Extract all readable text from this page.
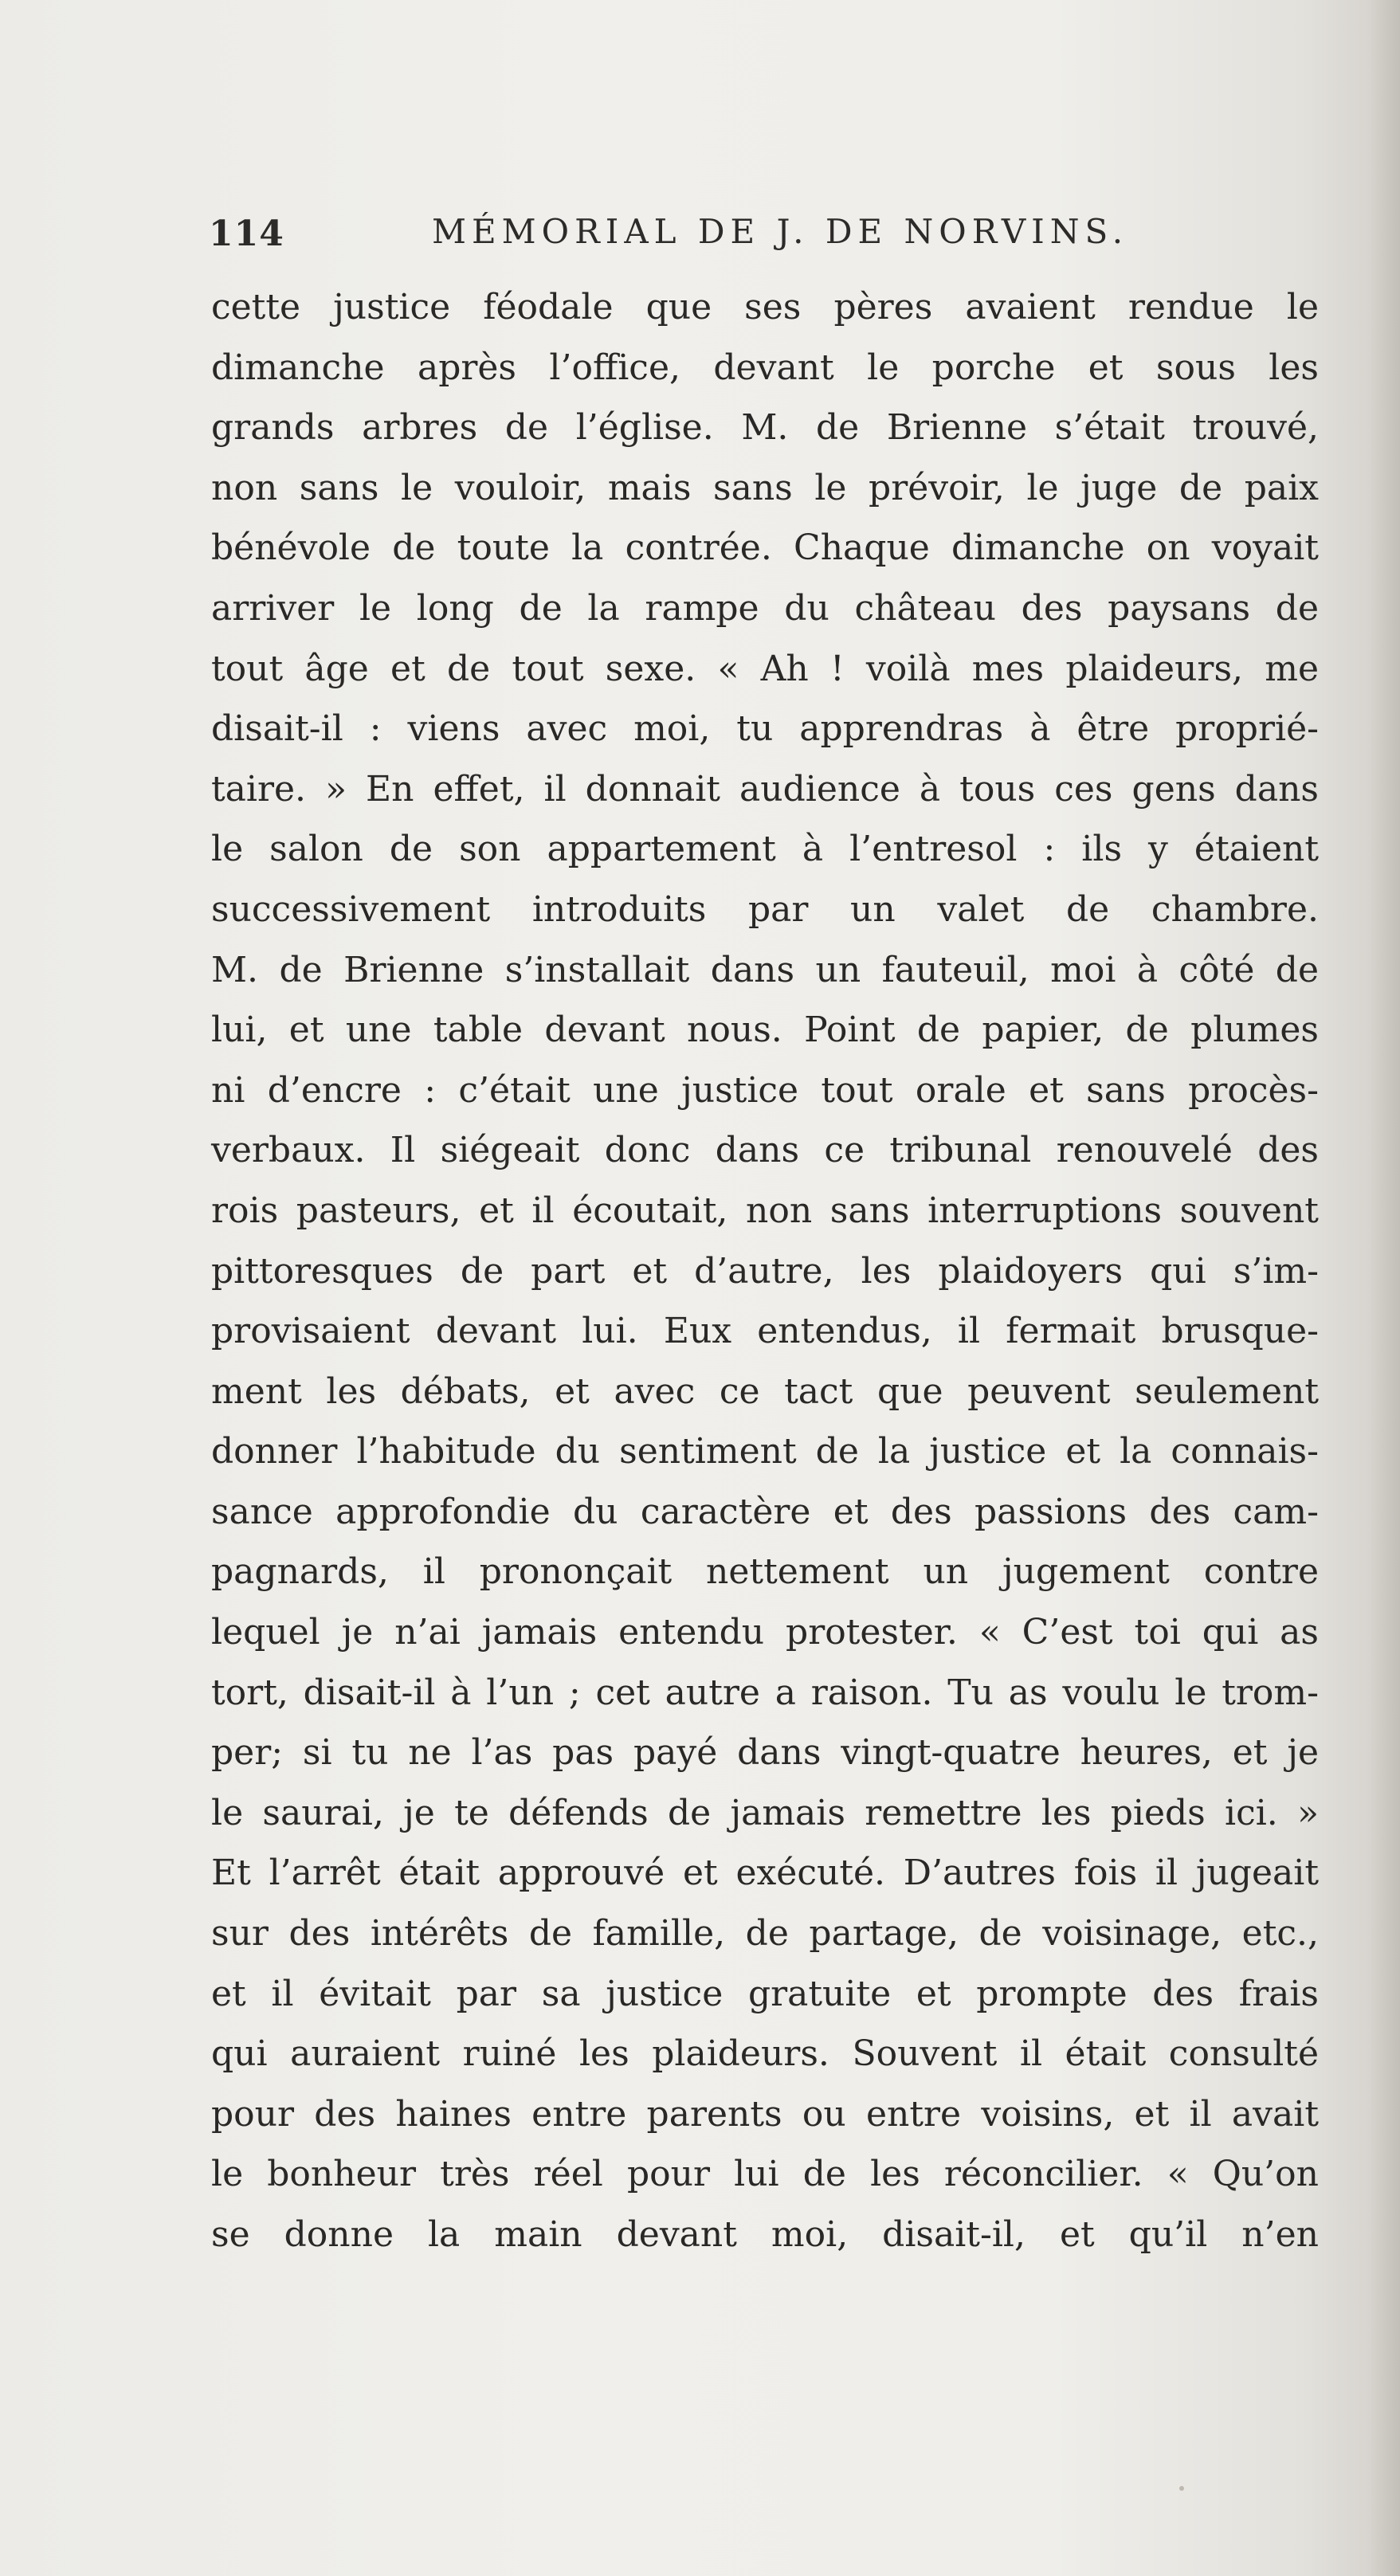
114	MÉMORIAL DE J. DE NORVINS.
cette justice féodale que ses pères avaient rendue le
dimanche après l’office, devant le porche et sous les
grands arbres de l’église. M. de Brienne s’était trouvé,
non sans le vouloir, mais sans le prévoir, le juge de paix
bénévole de toute la contrée. Chaque dimanche on voyait
arriver le long de la rampe du château des paysans de
tout âge et de tout sexe. « Ah ! voilà mes plaideurs, me
disait-il : viens avec moi, tu apprendras à être proprié-
taire. » En effet, il donnait audience à tous ces gens dans
le salon de son appartement à l’entresol : ils y étaient
successivement introduits par un valet de chambre.
M. de Brienne s’installait dans un fauteuil, moi à côté de
lui, et une table devant nous. Point de papier, de plumes
ni d’encre : c’était une justice tout orale et sans procès-
verbaux. Il siégeait donc dans ce tribunal renouvelé des
rois pasteurs, et il écoutait, non sans interruptions souvent
pittoresques de part et d’autre, les plaidoyers qui s’im-
provisaient devant lui. Eux entendus, il fermait brusque-
ment les débats, et avec ce tact que peuvent seulement
donner l’habitude du sentiment de la justice et la connais-
sance approfondie du caractère et des passions des cam-
pagnards, il prononçait nettement un jugement contre
lequel je n’ai jamais entendu protester. « C’est toi qui as
tort, disait-il à l’un ; cet autre a raison. Tu as voulu le trom-
per; si tu ne l’as pas payé dans vingt-quatre heures, et je
le saurai, je te défends de jamais remettre les pieds ici. »
Et l’arrêt était approuvé et exécuté. D’autres fois il jugeait
sur des intérêts de famille, de partage, de voisinage, etc.,
et il évitait par sa justice gratuite et prompte des frais
qui auraient ruiné les plaideurs. Souvent il était consulté
pour des haines entre parents ou entre voisins, et il avait
le bonheur très réel pour lui de les réconcilier. « Qu’on
se donne la main devant moi, disait-il, et qu’il n’en
